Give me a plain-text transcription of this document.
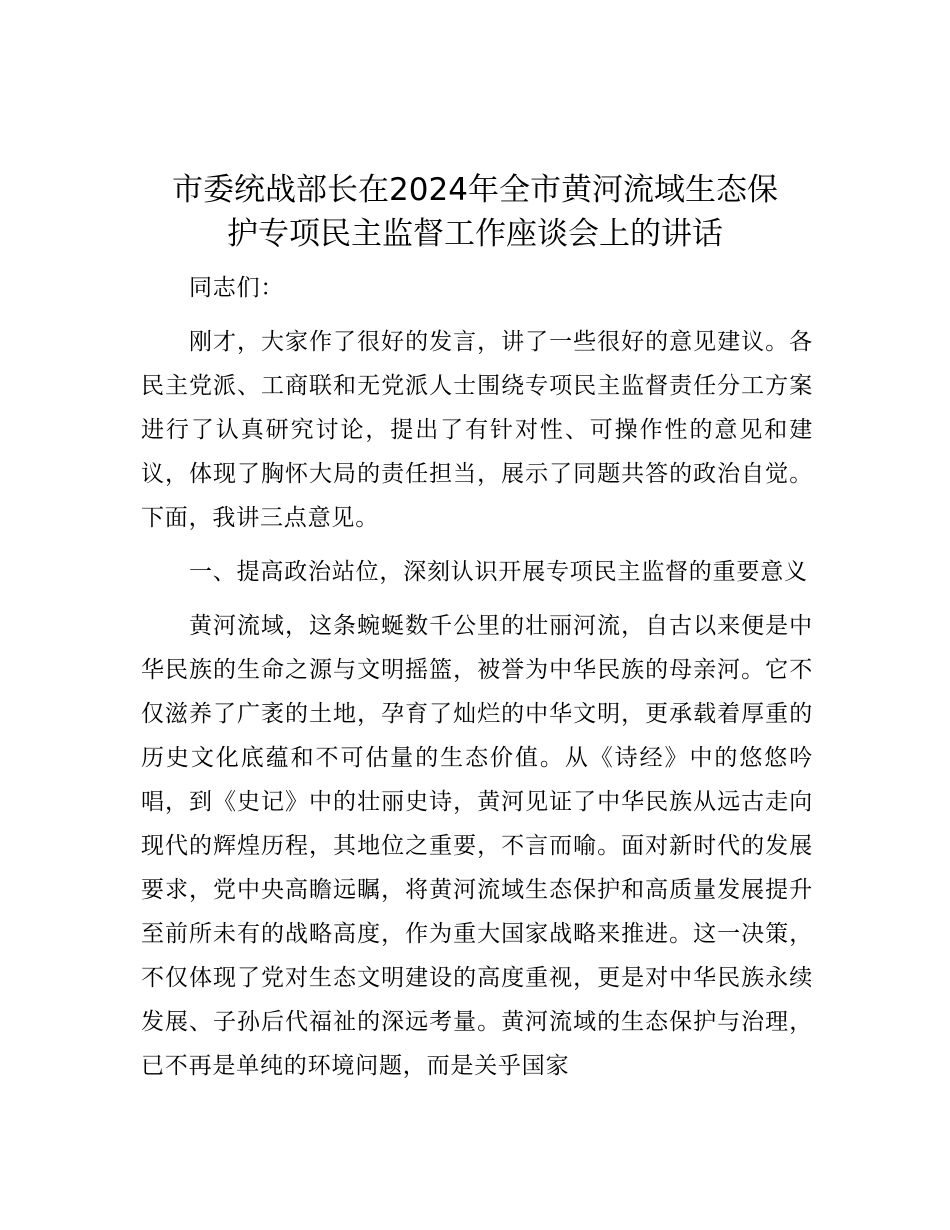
市委统战部长在2024年全市黄河流域生态保
护专项民主监督工作座谈会上的讲话

同志们：

刚才，大家作了很好的发言，讲了一些很好的意见建议。各民主党派、工商联和无党派人士围绕专项民主监督责任分工方案进行了认真研究讨论，提出了有针对性、可操作性的意见和建议，体现了胸怀大局的责任担当，展示了同题共答的政治自觉。下面，我讲三点意见。

一、提高政治站位，深刻认识开展专项民主监督的重要意义

黄河流域，这条蜿蜒数千公里的壮丽河流，自古以来便是中华民族的生命之源与文明摇篮，被誉为中华民族的母亲河。它不仅滋养了广袤的土地，孕育了灿烂的中华文明，更承载着厚重的历史文化底蕴和不可估量的生态价值。从《诗经》中的悠悠吟唱，到《史记》中的壮丽史诗，黄河见证了中华民族从远古走向现代的辉煌历程，其地位之重要，不言而喻。面对新时代的发展要求，党中央高瞻远瞩，将黄河流域生态保护和高质量发展提升至前所未有的战略高度，作为重大国家战略来推进。这一决策，不仅体现了党对生态文明建设的高度重视，更是对中华民族永续发展、子孙后代福祉的深远考量。黄河流域的生态保护与治理，已不再是单纯的环境问题，而是关乎国家
